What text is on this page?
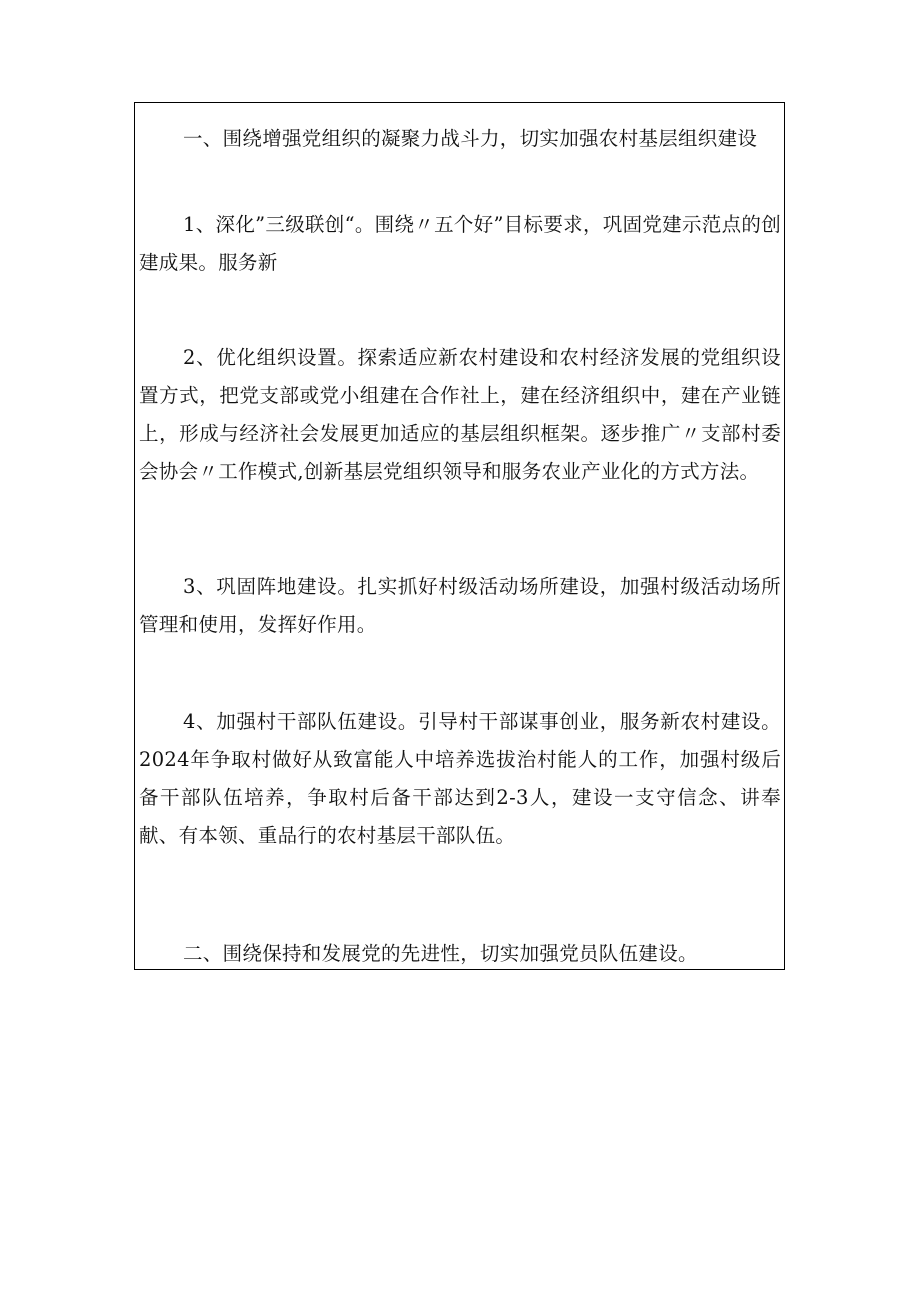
一、围绕增强党组织的凝聚力战斗力，切实加强农村基层组织建设

1、深化”三级联创“。围绕〃五个好”目标要求，巩固党建示范点的创建成果。服务新

2、优化组织设置。探索适应新农村建设和农村经济发展的党组织设置方式，把党支部或党小组建在合作社上，建在经济组织中，建在产业链上，形成与经济社会发展更加适应的基层组织框架。逐步推广〃支部村委会协会〃工作模式,创新基层党组织领导和服务农业产业化的方式方法。

3、巩固阵地建设。扎实抓好村级活动场所建设，加强村级活动场所管理和使用，发挥好作用。

4、加强村干部队伍建设。引导村干部谋事创业，服务新农村建设。2024年争取村做好从致富能人中培养选拔治村能人的工作，加强村级后备干部队伍培养，争取村后备干部达到2-3人，建设一支守信念、讲奉献、有本领、重品行的农村基层干部队伍。

二、围绕保持和发展党的先进性，切实加强党员队伍建设。
